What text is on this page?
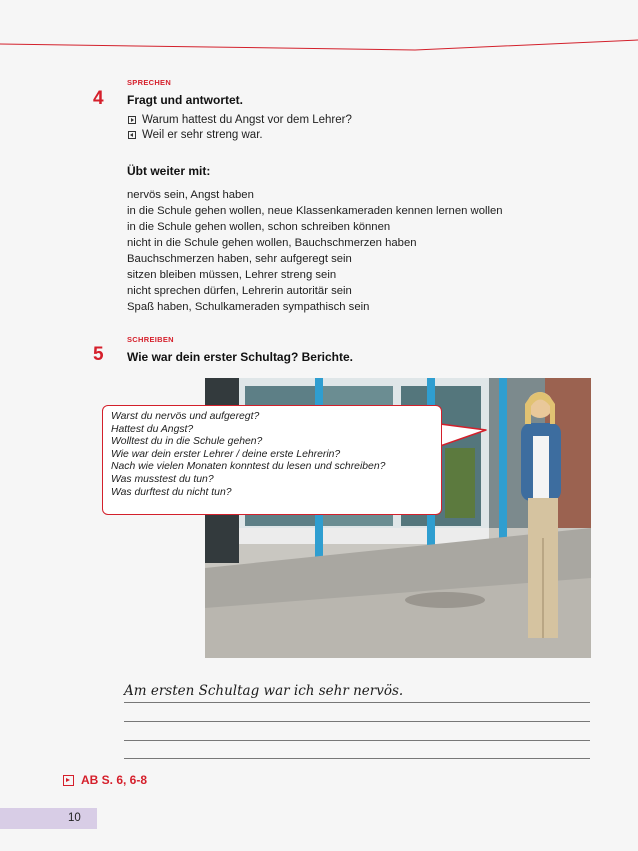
SPRECHEN
4 Fragt und antwortet.
Warum hattest du Angst vor dem Lehrer?
Weil er sehr streng war.
Übt weiter mit:
nervös sein, Angst haben
in die Schule gehen wollen, neue Klassenkameraden kennen lernen wollen
in die Schule gehen wollen, schon schreiben können
nicht in die Schule gehen wollen, Bauchschmerzen haben
Bauchschmerzen haben, sehr aufgeregt sein
sitzen bleiben müssen, Lehrer streng sein
nicht sprechen dürfen, Lehrerin autoritär sein
Spaß haben, Schulkameraden sympathisch sein
SCHREIBEN
5 Wie war dein erster Schultag? Berichte.
Warst du nervös und aufgeregt?
Hattest du Angst?
Wolltest du in die Schule gehen?
Wie war dein erster Lehrer / deine erste Lehrerin?
Nach wie vielen Monaten konntest du lesen und schreiben?
Was musstest du tun?
Was durftest du nicht tun?
Am ersten Schultag war ich sehr nervös.
AB S. 6, 6-8
10
